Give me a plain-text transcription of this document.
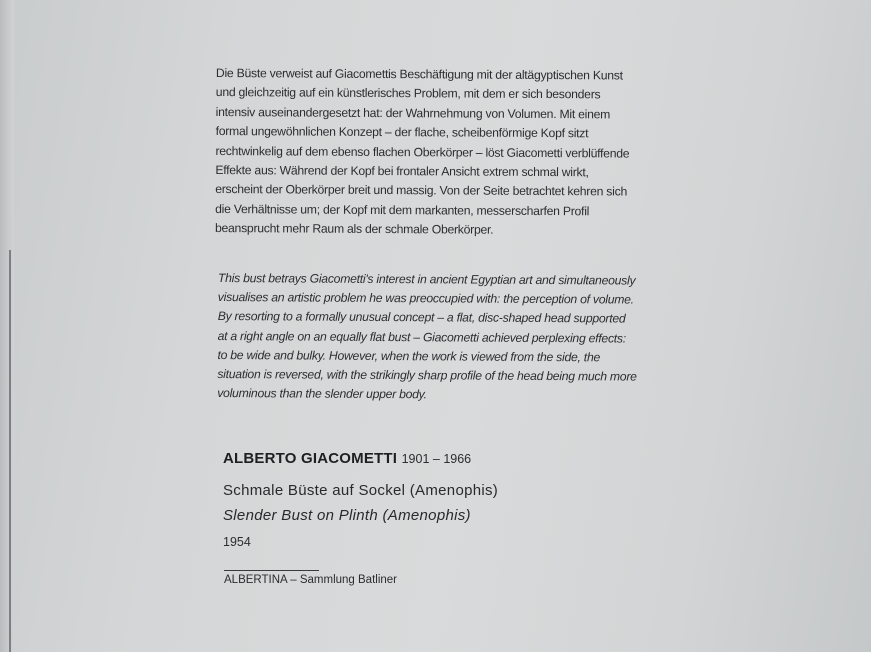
Die Büste verweist auf Giacomettis Beschäftigung mit der altägyptischen Kunst und gleichzeitig auf ein künstlerisches Problem, mit dem er sich besonders intensiv auseinandergesetzt hat: der Wahrnehmung von Volumen. Mit einem formal ungewöhnlichen Konzept – der flache, scheibenförmige Kopf sitzt rechtwinkelig auf dem ebenso flachen Oberkörper – löst Giacometti verblüffende Effekte aus: Während der Kopf bei frontaler Ansicht extrem schmal wirkt, erscheint der Oberkörper breit und massig. Von der Seite betrachtet kehren sich die Verhältnisse um; der Kopf mit dem markanten, messerscharfen Profil beansprucht mehr Raum als der schmale Oberkörper.

This bust betrays Giacometti's interest in ancient Egyptian art and simultaneously visualises an artistic problem he was preoccupied with: the perception of volume. By resorting to a formally unusual concept – a flat, disc-shaped head supported at a right angle on an equally flat bust – Giacometti achieved perplexing effects: to be wide and bulky. However, when the work is viewed from the side, the situation is reversed, with the strikingly sharp profile of the head being much more voluminous than the slender upper body.

ALBERTO GIACOMETTI 1901 – 1966

Schmale Büste auf Sockel (Amenophis)

Slender Bust on Plinth (Amenophis)

1954

ALBERTINA – Sammlung Batliner
